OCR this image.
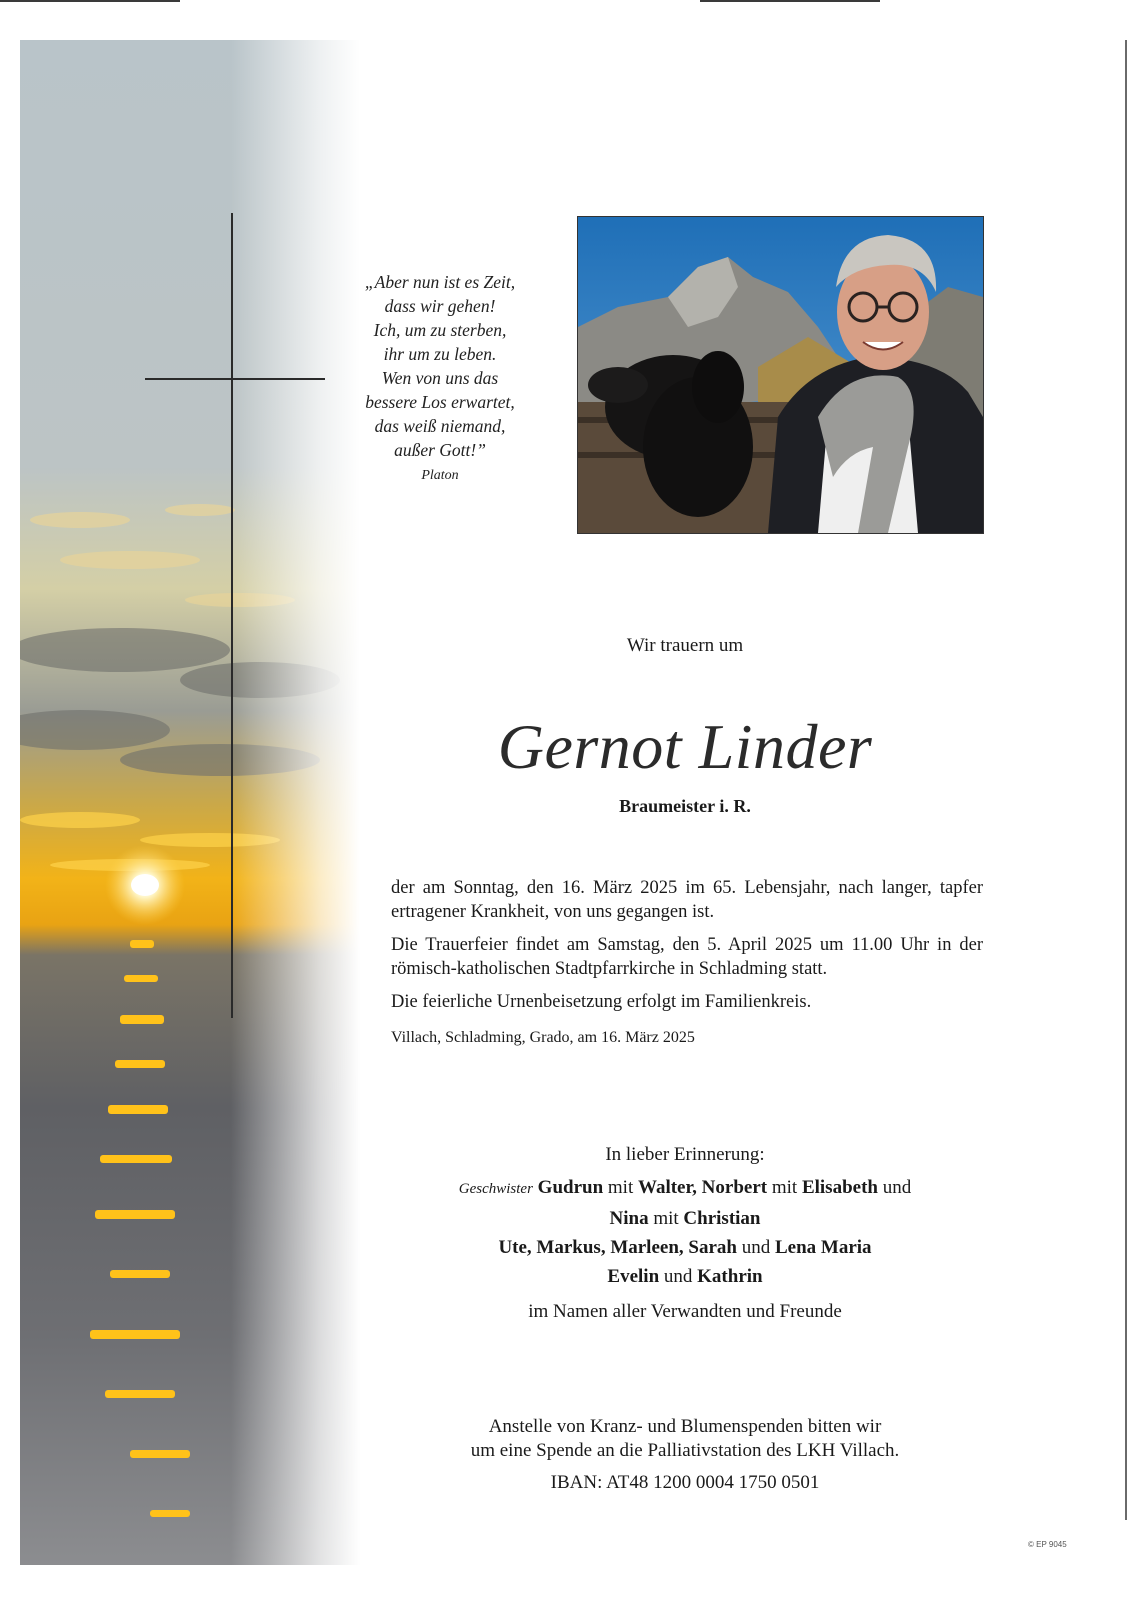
„Aber nun ist es Zeit,
dass wir gehen!
Ich, um zu sterben,
ihr um zu leben.
Wen von uns das
bessere Los erwartet,
das weiß niemand,
außer Gott!”
Platon
Wir trauern um
Gernot Linder
Braumeister i. R.

der am Sonntag, den 16. März 2025 im 65. Lebensjahr, nach langer, tapfer ertragener Krankheit, von uns gegangen ist.

Die Trauerfeier findet am Samstag, den 5. April 2025 um 11.00 Uhr in der römisch-katholischen Stadtpfarrkirche in Schladming statt.

Die feierliche Urnenbeisetzung erfolgt im Familienkreis.

Villach, Schladming, Grado, am 16. März 2025

In lieber Erinnerung:
Geschwister Gudrun mit Walter, Norbert mit Elisabeth und
Nina mit Christian
Ute, Markus, Marleen, Sarah und Lena Maria
Evelin und Kathrin
im Namen aller Verwandten und Freunde
Anstelle von Kranz- und Blumenspenden bitten wir
um eine Spende an die Palliativstation des LKH Villach.
IBAN: AT48 1200 0004 1750 0501
© EP 9045
